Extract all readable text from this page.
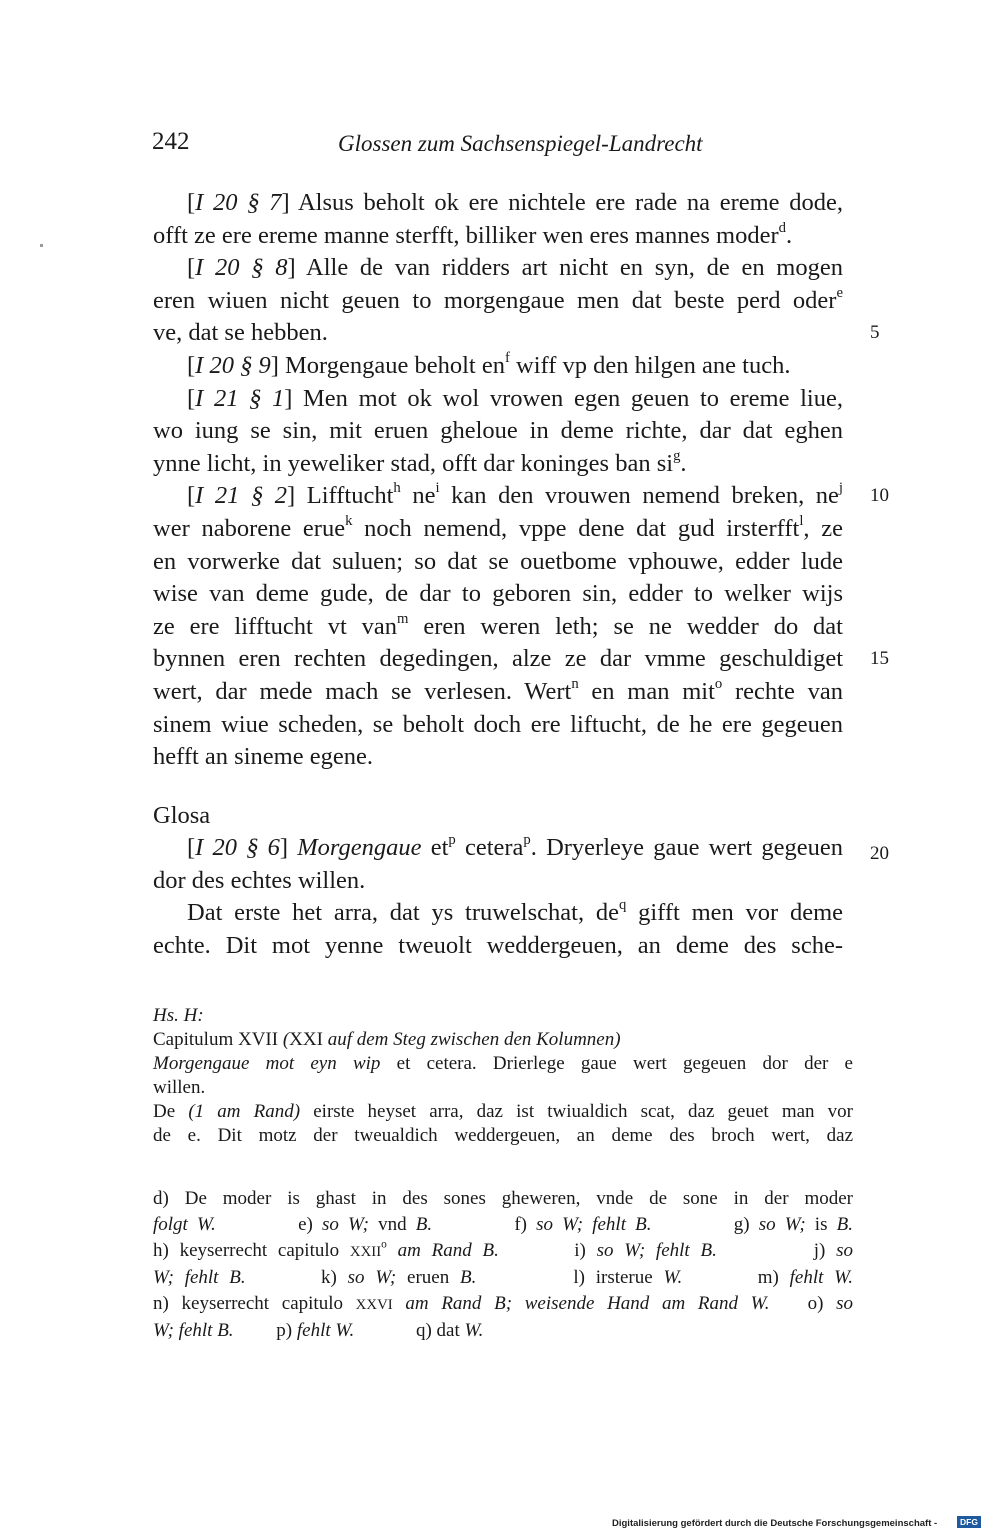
242	Glossen zum Sachsenspiegel-Landrecht

[I 20 § 7] Alsus beholt ok ere nichtele ere rade na ereme dode,

offt ze ere ereme manne sterfft, billiker wen eres mannes moder$^d$.

[I 20 § 8] Alle de van ridders art nicht en syn, de en mogen

eren wiuen nicht geuen to morgengaue men dat beste perd oder$^e$

ve, dat se hebben.

[I 20 § 9] Morgengaue beholt $en^f$ wiff vp den hilgen ane tuch.

[I 21 § 1] Men mot ok wol vrowen egen geuen to ereme liue,

wo iung se sin, mit eruen gheloue in deme richte, dar dat eghen

ynne licht, in yeweliker stad, offt dar koninges ban $si^g$.

[I 21 § 2] Lifftucht$^h$ $ne^i$ kan den vrouwen nemend breken, $ne^j$

wer naborene erue$^k$ noch nemend, vppe dene dat gud irsterfft$^l$, ze

en vorwerke dat suluen; so dat se ouetbome vphouwe, edder lude

wise van deme gude, de dar to geboren sin, edder to welker wijs

ze ere lifftucht vt van$^m$ eren weren leth; se ne wedder do dat

bynnen eren rechten degedingen, alze ze dar vmme geschuldiget

wert, dar mede mach se verlesen. Wert$^n$ en man mit$^o$ rechte van

sinem wiue scheden, se beholt doch ere liftucht, de he ere gegeuen

hefft an sineme egene.

Glosa

[I 20 § 6] Morgengaue $et^p$ cetera$^p$. Dryerleye gaue wert gegeuen

dor des echtes willen.

Dat erste het arra, dat ys truwelschat, $de^q$ gifft men vor deme

echte. Dit mot yenne tweuolt weddergeuen, an deme des sche-

5
10
15
20

Hs. H:

Capitulum XVII (XXI auf dem Steg zwischen den Kolumnen)

Morgengaue mot eyn wip et cetera. Drierlege gaue wert gegeuen dor der e

willen.

De (1 am Rand) eirste heyset arra, daz ist twiualdich scat, daz geuet man vor

de e. Dit motz der tweualdich weddergeuen, an deme des broch wert, daz

d) De moder is ghast in des sones gheweren, vnde de sone in der moder

folgt W.         e) so W; vnd B.         f) so W; fehlt B.         g) so W; is B.

h) keyserrecht capitulo XXII$^o$ am Rand B.       i) so W; fehlt B.         j) so

W; fehlt B.       k) so W; eruen B.         l) irsterue W.       m) fehlt W.

n) keyserrecht capitulo XXVI am Rand B; weisende Hand am Rand W.   o) so

W; fehlt B.         p) fehlt W.             q) dat W.

Digitalisierung gefördert durch die Deutsche Forschungsgemeinschaft -	DFG
